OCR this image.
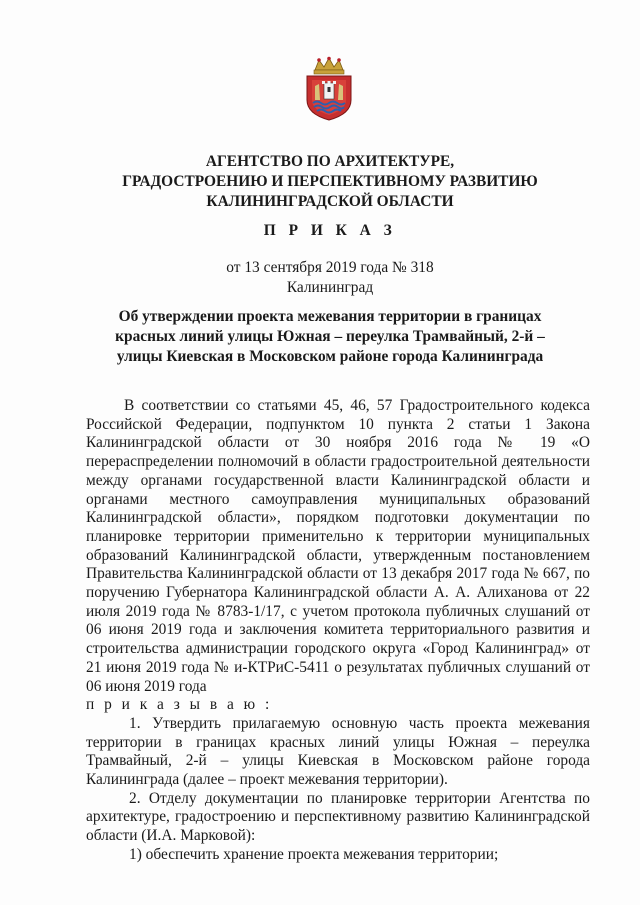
АГЕНТСТВО ПО АРХИТЕКТУРЕ,
ГРАДОСТРОЕНИЮ И ПЕРСПЕКТИВНОМУ РАЗВИТИЮ
КАЛИНИНГРАДСКОЙ ОБЛАСТИ
П Р И К А З
от 13 сентября 2019 года № 318
Калининград
Об утверждении проекта межевания территории в границах
красных линий улицы Южная – переулка Трамвайный, 2-й –
улицы Киевская в Московском районе города Калининграда

В соответствии со статьями 45, 46, 57 Градостроительного кодекса Российской Федерации, подпунктом 10 пункта 2 статьи 1 Закона Калининградской области от 30 ноября 2016 года № 19 «О перераспределении полномочий в области градостроительной деятельности между органами государственной власти Калининградской области и органами местного самоуправления муниципальных образований Калининградской области», порядком подготовки документации по планировке территории применительно к территории муниципальных образований Калининградской области, утвержденным постановлением Правительства Калининградской области от 13 декабря 2017 года № 667, по поручению Губернатора Калининградской области А. А. Алиханова от 22 июля 2019 года № 8783-1/17, с учетом протокола публичных слушаний от 06 июня 2019 года и заключения комитета территориального развития и строительства администрации городского округа «Город Калининград» от 21 июня 2019 года № и-КТРиС-5411 о результатах публичных слушаний от 06 июня 2019 года

п р и к а з ы в а ю :

1. Утвердить прилагаемую основную часть проекта межевания территории в границах красных линий улицы Южная – переулка Трамвайный, 2-й – улицы Киевская в Московском районе города Калининграда (далее – проект межевания территории).

2. Отделу документации по планировке территории Агентства по архитектуре, градостроению и перспективному развитию Калининградской области (И.А. Марковой):

1) обеспечить хранение проекта межевания территории;
